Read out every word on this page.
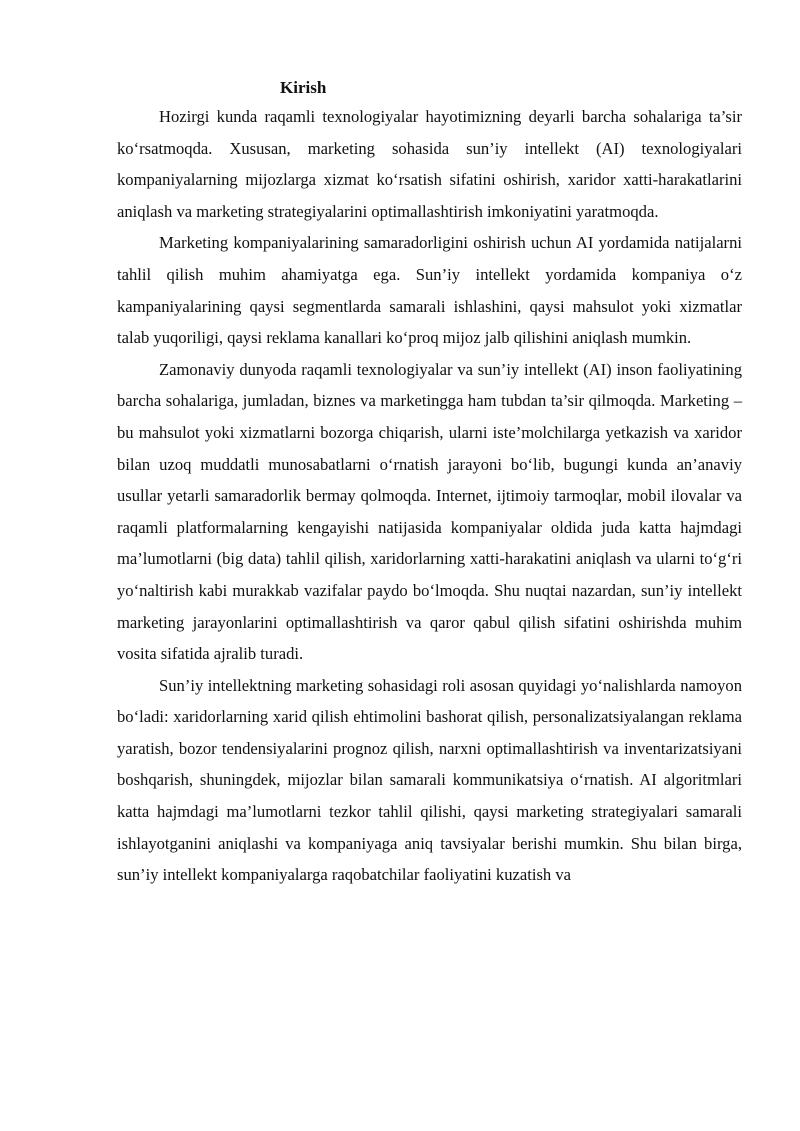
Kirish

Hozirgi kunda raqamli texnologiyalar hayotimizning deyarli barcha sohalariga ta’sir ko‘rsatmoqda. Xususan, marketing sohasida sun’iy intellekt (AI) texnologiyalari kompaniyalarning mijozlarga xizmat ko‘rsatish sifatini oshirish, xaridor xatti-harakatlarini aniqlash va marketing strategiyalarini optimallashtirish imkoniyatini yaratmoqda.

Marketing kompaniyalarining samaradorligini oshirish uchun AI yordamida natijalarni tahlil qilish muhim ahamiyatga ega. Sun’iy intellekt yordamida kompaniya o‘z kampaniyalarining qaysi segmentlarda samarali ishlashini, qaysi mahsulot yoki xizmatlar talab yuqoriligi, qaysi reklama kanallari ko‘proq mijoz jalb qilishini aniqlash mumkin.

Zamonaviy dunyoda raqamli texnologiyalar va sun’iy intellekt (AI) inson faoliyatining barcha sohalariga, jumladan, biznes va marketingga ham tubdan ta’sir qilmoqda. Marketing – bu mahsulot yoki xizmatlarni bozorga chiqarish, ularni iste’molchilarga yetkazish va xaridor bilan uzoq muddatli munosabatlarni o‘rnatish jarayoni bo‘lib, bugungi kunda an’anaviy usullar yetarli samaradorlik bermay qolmoqda. Internet, ijtimoiy tarmoqlar, mobil ilovalar va raqamli platformalarning kengayishi natijasida kompaniyalar oldida juda katta hajmdagi ma’lumotlarni (big data) tahlil qilish, xaridorlarning xatti-harakatini aniqlash va ularni to‘g‘ri yo‘naltirish kabi murakkab vazifalar paydo bo‘lmoqda. Shu nuqtai nazardan, sun’iy intellekt marketing jarayonlarini optimallashtirish va qaror qabul qilish sifatini oshirishda muhim vosita sifatida ajralib turadi.

Sun’iy intellektning marketing sohasidagi roli asosan quyidagi yo‘nalishlarda namoyon bo‘ladi: xaridorlarning xarid qilish ehtimolini bashorat qilish, personalizatsiyalangan reklama yaratish, bozor tendensiyalarini prognoz qilish, narxni optimallashtirish va inventarizatsiyani boshqarish, shuningdek, mijozlar bilan samarali kommunikatsiya o‘rnatish. AI algoritmlari katta hajmdagi ma’lumotlarni tezkor tahlil qilishi, qaysi marketing strategiyalari samarali ishlayotganini aniqlashi va kompaniyaga aniq tavsiyalar berishi mumkin. Shu bilan birga, sun’iy intellekt kompaniyalarga raqobatchilar faoliyatini kuzatish va
